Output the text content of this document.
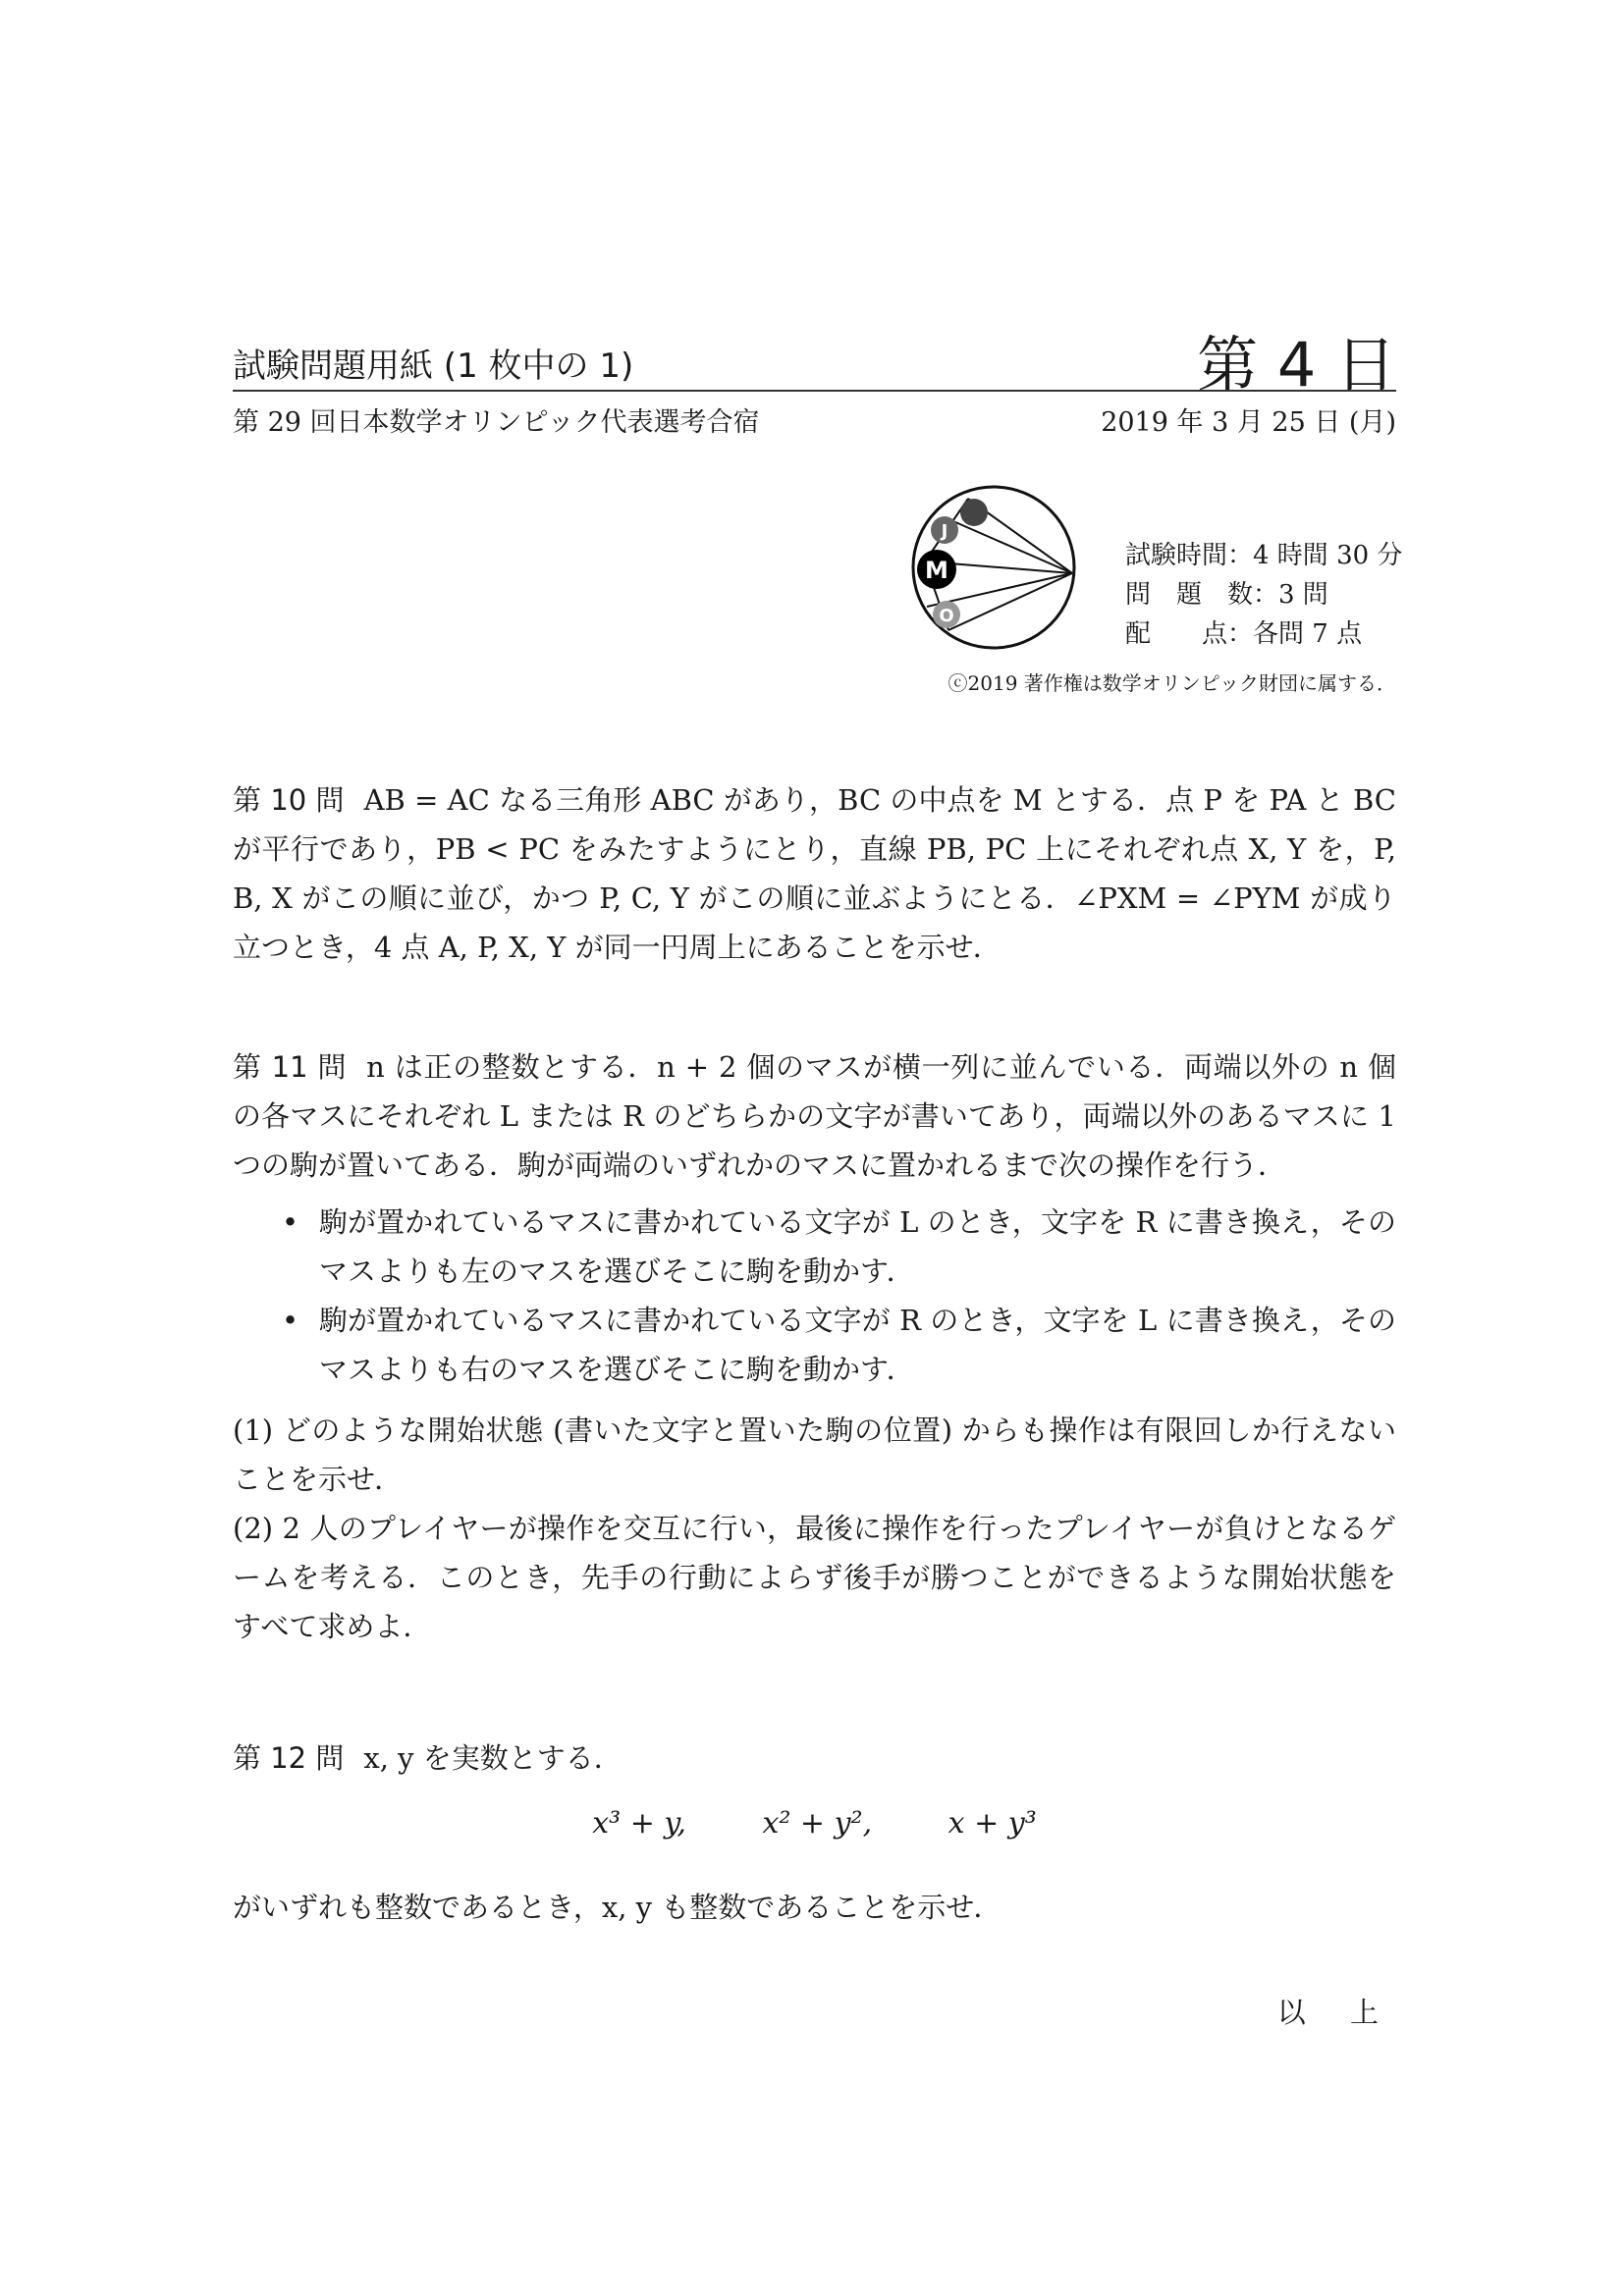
試験問題用紙 (1 枚中の 1)	第 4 日
第 29 回日本数学オリンピック代表選考合宿	2019 年 3 月 25 日 (月)
J
M
O
試験時間：4 時間 30 分
問　題　数：3 問
配　　点：各問 7 点
ⓒ2019 著作権は数学オリンピック財団に属する．
第 10 問 AB = AC なる三角形 ABC があり，BC の中点を M とする．点 P を PA と BC が平行であり，PB < PC をみたすようにとり，直線 PB, PC 上にそれぞれ点 X, Y を，P, B, X がこの順に並び，かつ P, C, Y がこの順に並ぶようにとる．∠PXM = ∠PYM が成り立つとき，4 点 A, P, X, Y が同一円周上にあることを示せ．
第 11 問 n は正の整数とする．n + 2 個のマスが横一列に並んでいる．両端以外の n 個の各マスにそれぞれ L または R のどちらかの文字が書いてあり，両端以外のあるマスに 1 つの駒が置いてある．駒が両端のいずれかのマスに置かれるまで次の操作を行う．
• 駒が置かれているマスに書かれている文字が L のとき，文字を R に書き換え，そのマスよりも左のマスを選びそこに駒を動かす．
• 駒が置かれているマスに書かれている文字が R のとき，文字を L に書き換え，そのマスよりも右のマスを選びそこに駒を動かす．
(1) どのような開始状態 (書いた文字と置いた駒の位置) からも操作は有限回しか行えないことを示せ．
(2) 2 人のプレイヤーが操作を交互に行い，最後に操作を行ったプレイヤーが負けとなるゲームを考える．このとき，先手の行動によらず後手が勝つことができるような開始状態をすべて求めよ．
第 12 問 x, y を実数とする．
x³ + y,	x² + y²,	x + y³
がいずれも整数であるとき，x, y も整数であることを示せ．
以 上
